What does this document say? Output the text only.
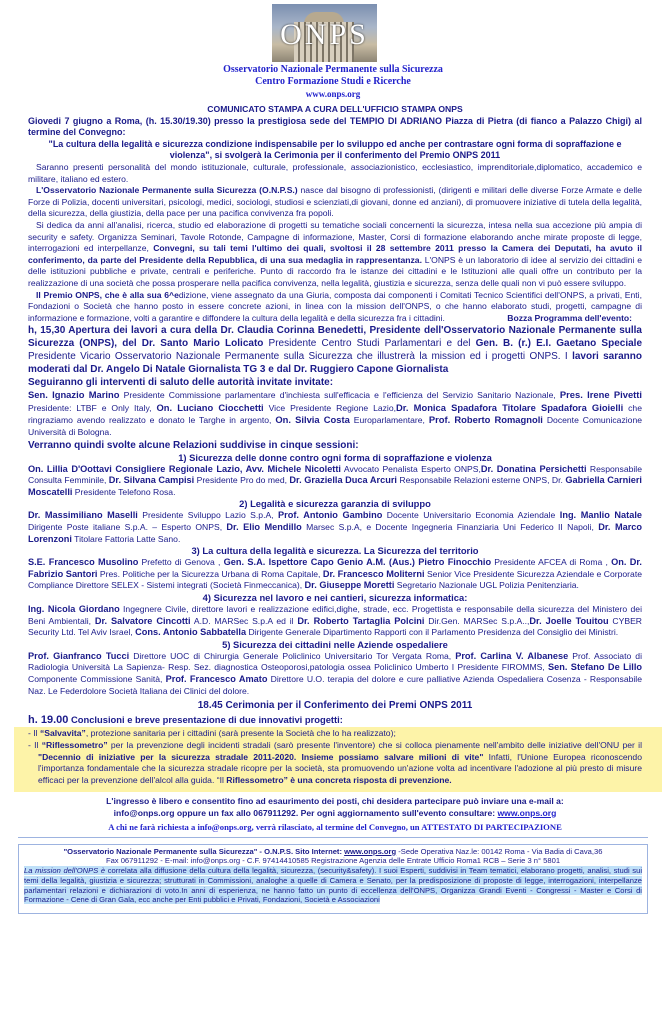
ONPS
Osservatorio Nazionale Permanente sulla Sicurezza
Centro Formazione Studi e Ricerche
www.onps.org
COMUNICATO STAMPA A CURA DELL'UFFICIO STAMPA ONPS
Giovedi 7 giugno a Roma, (h. 15.30/19.30) presso la prestigiosa sede del TEMPIO DI ADRIANO Piazza di Pietra (di fianco a Palazzo Chigi) al termine del Convegno:
"La cultura della legalità e sicurezza condizione indispensabile per lo sviluppo ed anche per contrastare ogni forma di sopraffazione e violenza", si svolgerà la Cerimonia per il conferimento del Premio ONPS 2011
Saranno presenti personalità del mondo istituzionale, culturale, professionale, associazionistico, ecclesiastico, imprenditoriale,diplomatico, accademico e militare, italiano ed estero.
L'Osservatorio Nazionale Permanente sulla Sicurezza (O.N.P.S.) nasce dal bisogno di professionisti, (dirigenti e militari delle diverse Forze Armate e delle Forze di Polizia, docenti universitari, psicologi, medici, sociologi, studiosi e scienziati,di giovani, donne ed anziani), di promuovere iniziative di tutela della legalità, della sicurezza, della giustizia, della pace per una pacifica convivenza fra popoli.
Si dedica da anni all'analisi, ricerca, studio ed elaborazione di progetti su tematiche sociali concernenti la sicurezza, intesa nella sua accezione più ampia di security e safety. Organizza Seminari, Tavole Rotonde, Campagne di informazione, Master, Corsi di formazione elaborando anche mirate proposte di legge, interrogazioni ed interpellanze, Convegni, su tali temi l'ultimo dei quali, svoltosi il 28 settembre 2011 presso la Camera dei Deputati, ha avuto il conferimento, da parte del Presidente della Repubblica, di una sua medaglia in rappresentanza. L'ONPS è un laboratorio di idee al servizio dei cittadini e delle istituzioni pubbliche e private, centrali e periferiche. Punto di raccordo fra le istanze dei cittadini e le Istituzioni alle quali offre un contributo per la realizzazione di una società che possa prosperare nella pacifica convivenza, nella legalità, giustizia e sicurezza, senza delle quali non vi può essere sviluppo.
Il Premio ONPS, che è alla sua 6^edizione, viene assegnato da una Giuria, composta dai componenti i Comitati Tecnico Scientifici dell'ONPS, a privati, Enti, Fondazioni o Società che hanno posto in essere concrete azioni, in linea con la mission dell'ONPS, o che hanno elaborato studi, progetti, campagne di informazione e formazione, volti a garantire e diffondere la cultura della legalità e della sicurezza fra i cittadini.	Bozza Programma dell'evento:
h, 15,30 Apertura dei lavori a cura della Dr. Claudia Corinna Benedetti, Presidente dell'Osservatorio Nazionale Permanente sulla Sicurezza (ONPS), del Dr. Santo Mario Lolicato Presidente Centro Studi Parlamentari e del Gen. B. (r.) E.I. Gaetano Speciale Presidente Vicario Osservatorio Nazionale Permanente sulla Sicurezza che illustrerà la mission ed i progetti ONPS. I lavori saranno moderati dal Dr. Angelo Di Natale Giornalista TG 3 e dal Dr. Ruggiero Capone Giornalista
Seguiranno gli interventi di saluto delle autorità invitate invitate:
Sen. Ignazio Marino Presidente Commissione parlamentare d'inchiesta sull'efficacia e l'efficienza del Servizio Sanitario Nazionale, Pres. Irene Pivetti Presidente: LTBF e Only Italy, On. Luciano Ciocchetti Vice Presidente Regione Lazio,Dr. Monica Spadafora Titolare Spadafora Gioielli che ringraziamo avendo realizzato e donato le Targhe in argento, On. Silvia Costa Europarlamentare, Prof. Roberto Romagnoli Docente Comunicazione Università di Bologna.
Verranno quindi svolte alcune Relazioni suddivise in cinque sessioni:
1) Sicurezza delle donne contro ogni forma di sopraffazione e violenza
On. Lillia D'Oottavi Consigliere Regionale Lazio, Avv. Michele Nicoletti Avvocato Penalista Esperto ONPS,Dr. Donatina Persichetti Responsabile Consulta Femminile, Dr. Silvana Campisi Presidente Pro do med, Dr. Graziella Duca Arcuri Responsabile Relazioni esterne ONPS, Dr. Gabriella Carnieri Moscatelli Presidente Telefono Rosa.
2) Legalità e sicurezza garanzia di sviluppo
Dr. Massimiliano Maselli Presidente Sviluppo Lazio S.p.A, Prof. Antonio Gambino Docente Universitario Economia Aziendale Ing. Manlio Natale Dirigente Poste italiane S.p.A. – Esperto ONPS, Dr. Elio Mendillo Marsec S.p.A, e Docente Ingegneria Finanziaria Uni Federico II Napoli, Dr. Marco Lorenzoni Titolare Fattoria Latte Sano.
3) La cultura della legalità e sicurezza. La Sicurezza del territorio
S.E. Francesco Musolino Prefetto di Genova , Gen. S.A. Ispettore Capo Genio A.M. (Aus.) Pietro Finocchio Presidente AFCEA di Roma , On. Dr. Fabrizio Santori Pres. Politiche per la Sicurezza Urbana di Roma Capitale, Dr. Francesco Moliterni Senior Vice Presidente Sicurezza Aziendale e Corporate Compliance Direttore SELEX - Sistemi integrati (Società Finmeccanica), Dr. Giuseppe Moretti Segretario Nazionale UGL Polizia Penitenziaria.
4) Sicurezza nel lavoro e nei cantieri, sicurezza informatica:
Ing. Nicola Giordano Ingegnere Civile, direttore lavori e realizzazione edifici,dighe, strade, ecc. Progettista e responsabile della sicurezza del Ministero dei Beni Ambientali, Dr. Salvatore Cincotti A.D. MARSec S.p.A ed il Dr. Roberto Tartaglia Polcini Dir.Gen. MARSec S.p.A..,Dr. Joelle Touitou CYBER Security Ltd. Tel Aviv Israel, Cons. Antonio Sabbatella Dirigente Generale Dipartimento Rapporti con il Parlamento Presidenza del Consiglio dei Ministri.
5) Sicurezza dei cittadini nelle Aziende ospedaliere
Prof. Gianfranco Tucci Direttore UOC di Chirurgia Generale Policlinico Universitario Tor Vergata Roma, Prof. Carlina V. Albanese Prof. Associato di Radiologia Università La Sapienza- Resp. Sez. diagnostica Osteoporosi,patologia ossea Policlinico Umberto I Presidente FIROMMS, Sen. Stefano De Lillo Componente Commissione Sanità, Prof. Francesco Amato Direttore U.O. terapia del dolore e cure palliative Azienda Ospedaliera Cosenza - Responsabile Naz. Le Federdolore Società Italiana dei Clinici del dolore.
18.45 Cerimonia per il Conferimento dei Premi ONPS 2011
h. 19.00 Conclusioni e breve presentazione di due innovativi progetti:
- Il “Salvavita”, protezione sanitaria per i cittadini (sarà presente la Società che lo ha realizzato);
- Il “Riflessometro” per la prevenzione degli incidenti stradali (sarò presente l'inventore) che si colloca pienamente nell'ambito delle iniziative dell'ONU per il "Decennio di iniziative per la sicurezza stradale 2011-2020. Insieme possiamo salvare milioni di vite" Infatti, l'Unione Europea riconoscendo l'importanza fondamentale che la sicurezza stradale ricopre per la società, sta promuovendo un'azione volta ad incentivare l'adozione al più presto di misure efficaci per la prevenzione dell'alcol alla guida. “Il Riflessometro” è una concreta risposta di prevenzione.
L'ingresso è libero e consentito fino ad esaurimento dei posti, chi desidera partecipare può inviare una e-mail a:
info@onps.org oppure un fax allo 067911292. Per ogni aggiornamento sull'evento consultare: www.onps.org
A chi ne farà richiesta a info@onps.org, verrà rilasciato, al termine del Convegno, un ATTESTATO DI PARTECIPAZIONE
"Osservatorio Nazionale Permanente sulla Sicurezza" - O.N.P.S. Sito Internet: www.onps.org -Sede Operativa Naz.le: 00142 Roma - Via Badia di Cava,36
Fax 067911292 - E-mail: info@onps.org - C.F. 97414410585 Registrazione Agenzia delle Entrate Ufficio Roma1 RCB – Serie 3 n° 5801
La mission dell'ONPS è correlata alla diffusione della cultura della legalità, sicurezza, (security&safety). I suoi Esperti, suddivisi in Team tematici, elaborano progetti, analisi, studi sui temi della legalità, giustizia e sicurezza; strutturati in Commissioni, analoghe a quelle di Camera e Senato, per la predisposizione di proposte di legge, interrogazioni, interpellanze parlamentari relazioni e dichiarazioni di voto.In anni di esperienza, ne hanno fatto un punto di eccellenza dell'ONPS, Organizza Grandi Eventi - Congressi - Master e Corsi di Formazione - Cene di Gran Gala, ecc anche per Enti pubblici e Privati, Fondazioni, Società e Associazioni
